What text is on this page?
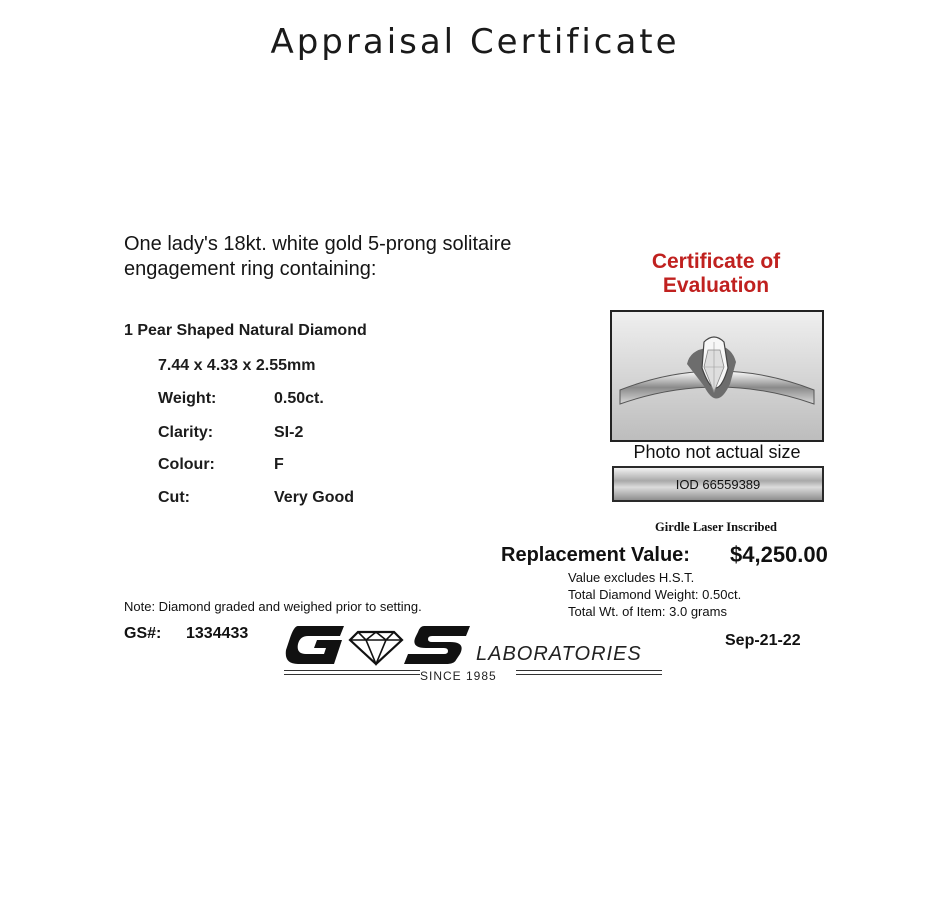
Appraisal Certificate
One lady's 18kt. white gold 5-prong solitaire
engagement ring containing:
1 Pear Shaped Natural Diamond
7.44 x 4.33 x 2.55mm
Weight:	0.50ct.
Clarity:	SI-2
Colour:	F
Cut:	Very Good
Certificate of
Evaluation
Photo not actual size
IOD 66559389
Girdle Laser Inscribed
Replacement Value: $4,250.00
Value excludes H.S.T.
Total Diamond Weight: 0.50ct.
Total Wt. of Item: 3.0 grams
Note: Diamond graded and weighed prior to setting.
GS#: 1334433	Sep-21-22
LABORATORIES
SINCE 1985
